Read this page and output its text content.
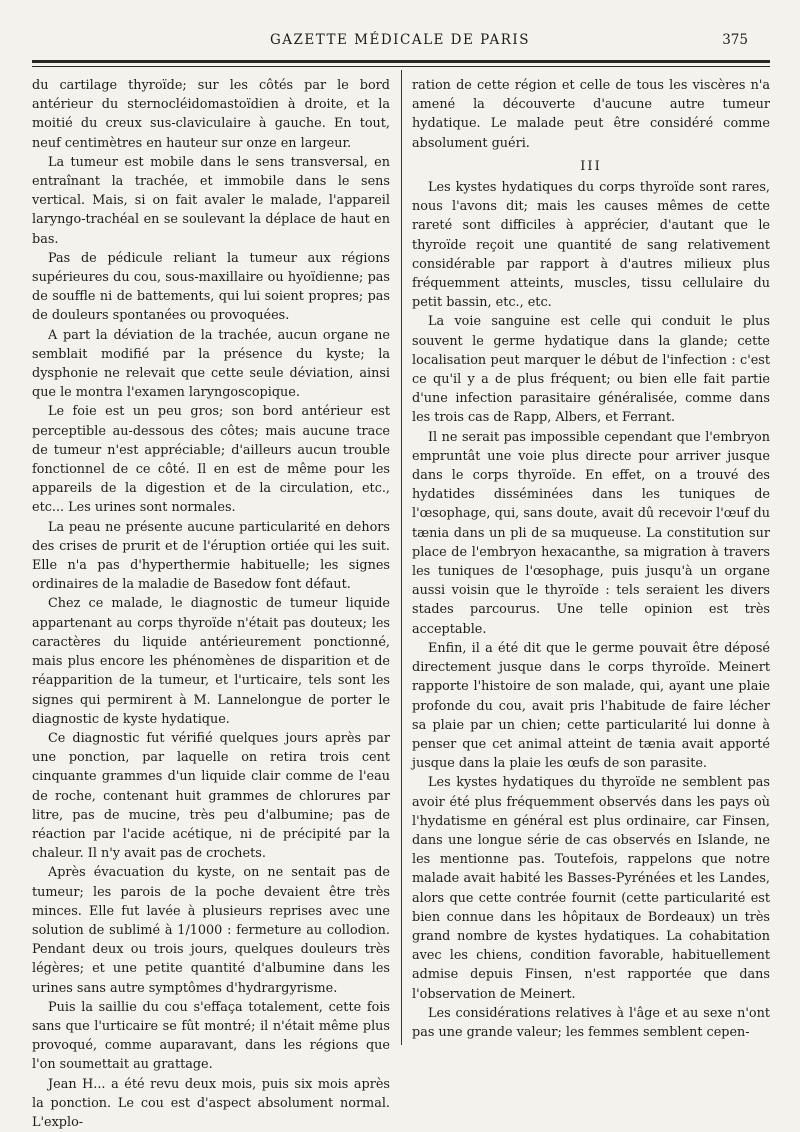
GAZETTE MÉDICALE DE PARIS	375

du cartilage thyroïde; sur les côtés par le bord antérieur du sternocléidomastoïdien à droite, et la moitié du creux sus-claviculaire à gauche. En tout, neuf centimètres en hauteur sur onze en largeur.

La tumeur est mobile dans le sens transversal, en entraînant la trachée, et immobile dans le sens vertical. Mais, si on fait avaler le malade, l'appareil laryngo-trachéal en se soulevant la déplace de haut en bas.

Pas de pédicule reliant la tumeur aux régions supérieures du cou, sous-maxillaire ou hyoïdienne; pas de souffle ni de battements, qui lui soient propres; pas de douleurs spontanées ou provoquées.

A part la déviation de la trachée, aucun organe ne semblait modifié par la présence du kyste; la dysphonie ne relevait que cette seule déviation, ainsi que le montra l'examen laryngoscopique.

Le foie est un peu gros; son bord antérieur est perceptible au-dessous des côtes; mais aucune trace de tumeur n'est appréciable; d'ailleurs aucun trouble fonctionnel de ce côté. Il en est de même pour les appareils de la digestion et de la circulation, etc., etc... Les urines sont normales.

La peau ne présente aucune particularité en dehors des crises de prurit et de l'éruption ortiée qui les suit. Elle n'a pas d'hyperthermie habituelle; les signes ordinaires de la maladie de Basedow font défaut.

Chez ce malade, le diagnostic de tumeur liquide appartenant au corps thyroïde n'était pas douteux; les caractères du liquide antérieurement ponctionné, mais plus encore les phénomènes de disparition et de réapparition de la tumeur, et l'urticaire, tels sont les signes qui permirent à M. Lannelongue de porter le diagnostic de kyste hydatique.

Ce diagnostic fut vérifié quelques jours après par une ponction, par laquelle on retira trois cent cinquante grammes d'un liquide clair comme de l'eau de roche, contenant huit grammes de chlorures par litre, pas de mucine, très peu d'albumine; pas de réaction par l'acide acétique, ni de précipité par la chaleur. Il n'y avait pas de crochets.

Après évacuation du kyste, on ne sentait pas de tumeur; les parois de la poche devaient être très minces. Elle fut lavée à plusieurs reprises avec une solution de sublimé à 1/1000 : fermeture au collodion. Pendant deux ou trois jours, quelques douleurs très légères; et une petite quantité d'albumine dans les urines sans autre symptômes d'hydrargyrisme.

Puis la saillie du cou s'effaça totalement, cette fois sans que l'urticaire se fût montré; il n'était même plus provoqué, comme auparavant, dans les régions que l'on soumettait au grattage.

Jean H... a été revu deux mois, puis six mois après la ponction. Le cou est d'aspect absolument normal. L'explo-

ration de cette région et celle de tous les viscères n'a amené la découverte d'aucune autre tumeur hydatique. Le malade peut être considéré comme absolument guéri.

III

Les kystes hydatiques du corps thyroïde sont rares, nous l'avons dit; mais les causes mêmes de cette rareté sont difficiles à apprécier, d'autant que le thyroïde reçoit une quantité de sang relativement considérable par rapport à d'autres milieux plus fréquemment atteints, muscles, tissu cellulaire du petit bassin, etc., etc.

La voie sanguine est celle qui conduit le plus souvent le germe hydatique dans la glande; cette localisation peut marquer le début de l'infection : c'est ce qu'il y a de plus fréquent; ou bien elle fait partie d'une infection parasitaire généralisée, comme dans les trois cas de Rapp, Albers, et Ferrant.

Il ne serait pas impossible cependant que l'embryon empruntât une voie plus directe pour arriver jusque dans le corps thyroïde. En effet, on a trouvé des hydatides disséminées dans les tuniques de l'œsophage, qui, sans doute, avait dû recevoir l'œuf du tænia dans un pli de sa muqueuse. La constitution sur place de l'embryon hexacanthe, sa migration à travers les tuniques de l'œsophage, puis jusqu'à un organe aussi voisin que le thyroïde : tels seraient les divers stades parcourus. Une telle opinion est très acceptable.

Enfin, il a été dit que le germe pouvait être déposé directement jusque dans le corps thyroïde. Meinert rapporte l'histoire de son malade, qui, ayant une plaie profonde du cou, avait pris l'habitude de faire lécher sa plaie par un chien; cette particularité lui donne à penser que cet animal atteint de tænia avait apporté jusque dans la plaie les œufs de son parasite.

Les kystes hydatiques du thyroïde ne semblent pas avoir été plus fréquemment observés dans les pays où l'hydatisme en général est plus ordinaire, car Finsen, dans une longue série de cas observés en Islande, ne les mentionne pas. Toutefois, rappelons que notre malade avait habité les Basses-Pyrénées et les Landes, alors que cette contrée fournit (cette particularité est bien connue dans les hôpitaux de Bordeaux) un très grand nombre de kystes hydatiques. La cohabitation avec les chiens, condition favorable, habituellement admise depuis Finsen, n'est rapportée que dans l'observation de Meinert.

Les considérations relatives à l'âge et au sexe n'ont pas une grande valeur; les femmes semblent cepen-
